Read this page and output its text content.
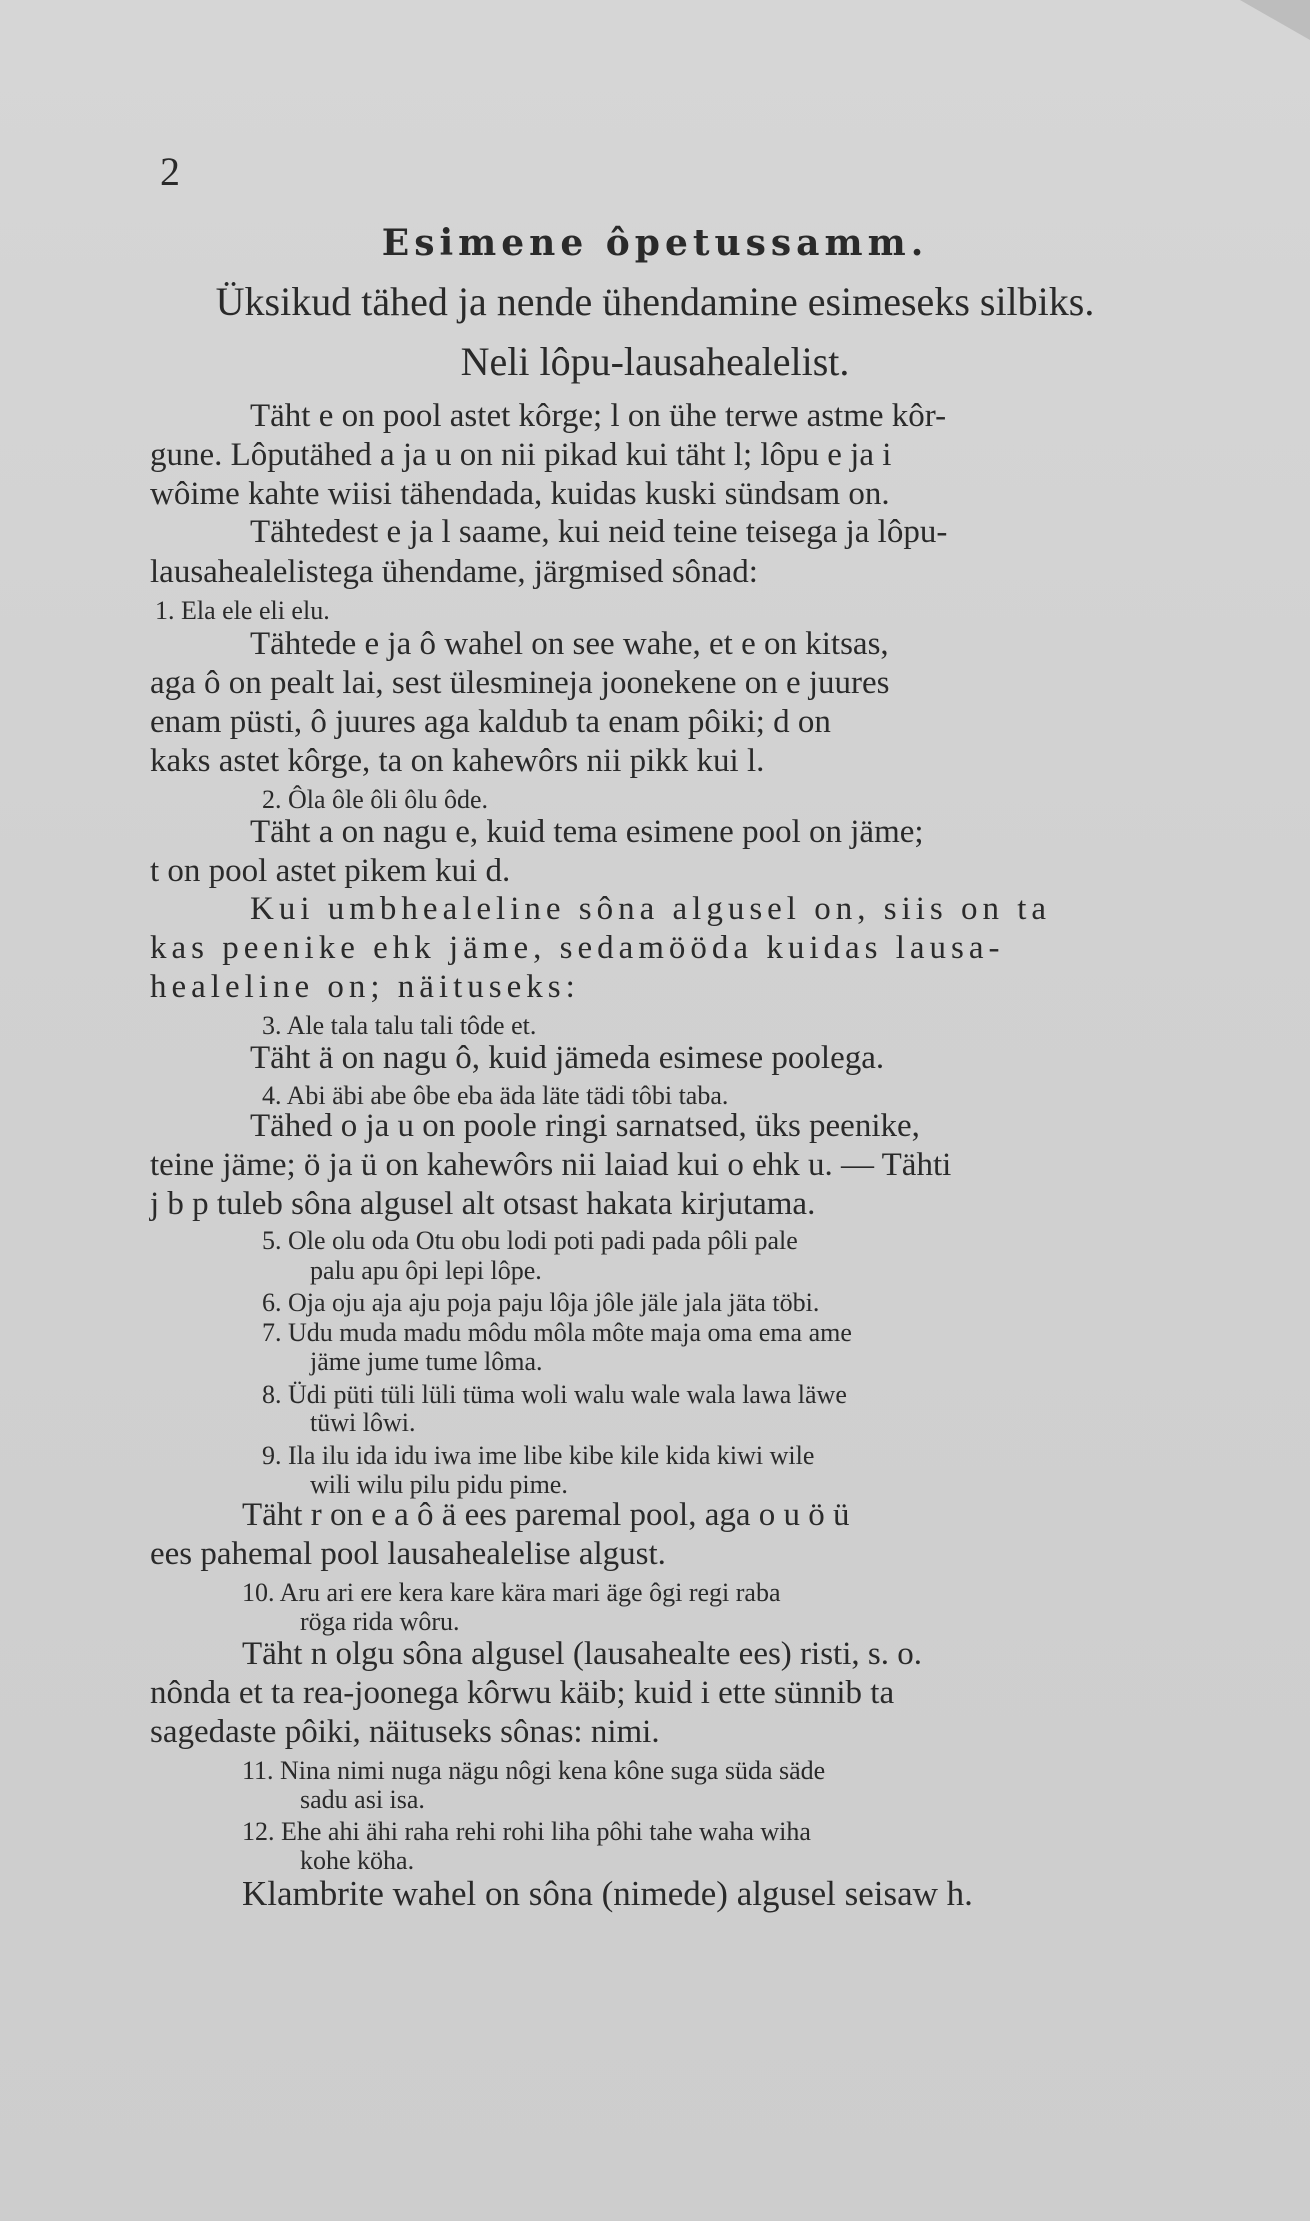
2
Esimene ôpetussamm.
Üksikud tähed ja nende ühendamine esimeseks silbiks.
Neli lôpu-lausahealelist.
Täht e on pool astet kôrge; l on ühe terwe astme kôr-
gune. Lôputähed a ja u on nii pikad kui täht l; lôpu e ja i
wôime kahte wiisi tähendada, kuidas kuski sündsam on.
Tähtedest e ja l saame, kui neid teine teisega ja lôpu-
lausahealelistega ühendame, järgmised sônad:
1. Ela ele eli elu.
Tähtede e ja ô wahel on see wahe, et e on kitsas,
aga ô on pealt lai, sest ülesmineja joonekene on e juures
enam püsti, ô juures aga kaldub ta enam pôiki; d on
kaks astet kôrge, ta on kahewôrs nii pikk kui l.
2. Ôla ôle ôli ôlu ôde.
Täht a on nagu e, kuid tema esimene pool on jäme;
t on pool astet pikem kui d.
Kui umbhealeline sôna algusel on, siis on ta
kas peenike ehk jäme, sedamööda kuidas lausa-
healeline on; näituseks:
3. Ale tala talu tali tôde et.
Täht ä on nagu ô, kuid jämeda esimese poolega.
4. Abi äbi abe ôbe eba äda läte tädi tôbi taba.
Tähed o ja u on poole ringi sarnatsed, üks peenike,
teine jäme; ö ja ü on kahewôrs nii laiad kui o ehk u. — Tähti
j b p tuleb sôna algusel alt otsast hakata kirjutama.
5. Ole olu oda Otu obu lodi poti padi pada pôli pale
palu apu ôpi lepi lôpe.
6. Oja oju aja aju poja paju lôja jôle jäle jala jäta töbi.
7. Udu muda madu môdu môla môte maja oma ema ame
jäme jume tume lôma.
8. Üdi püti tüli lüli tüma woli walu wale wala lawa läwe
tüwi lôwi.
9. Ila ilu ida idu iwa ime libe kibe kile kida kiwi wile
wili wilu pilu pidu pime.
Täht r on e a ô ä ees paremal pool, aga o u ö ü
ees pahemal pool lausahealelise algust.
10. Aru ari ere kera kare kära mari äge ôgi regi raba
röga rida wôru.
Täht n olgu sôna algusel (lausahealte ees) risti, s. o.
nônda et ta rea-joonega kôrwu käib; kuid i ette sünnib ta
sagedaste pôiki, näituseks sônas: nimi.
11. Nina nimi nuga nägu nôgi kena kône suga süda säde
sadu asi isa.
12. Ehe ahi ähi raha rehi rohi liha pôhi tahe waha wiha
kohe köha.
Klambrite wahel on sôna (nimede) algusel seisaw h.
